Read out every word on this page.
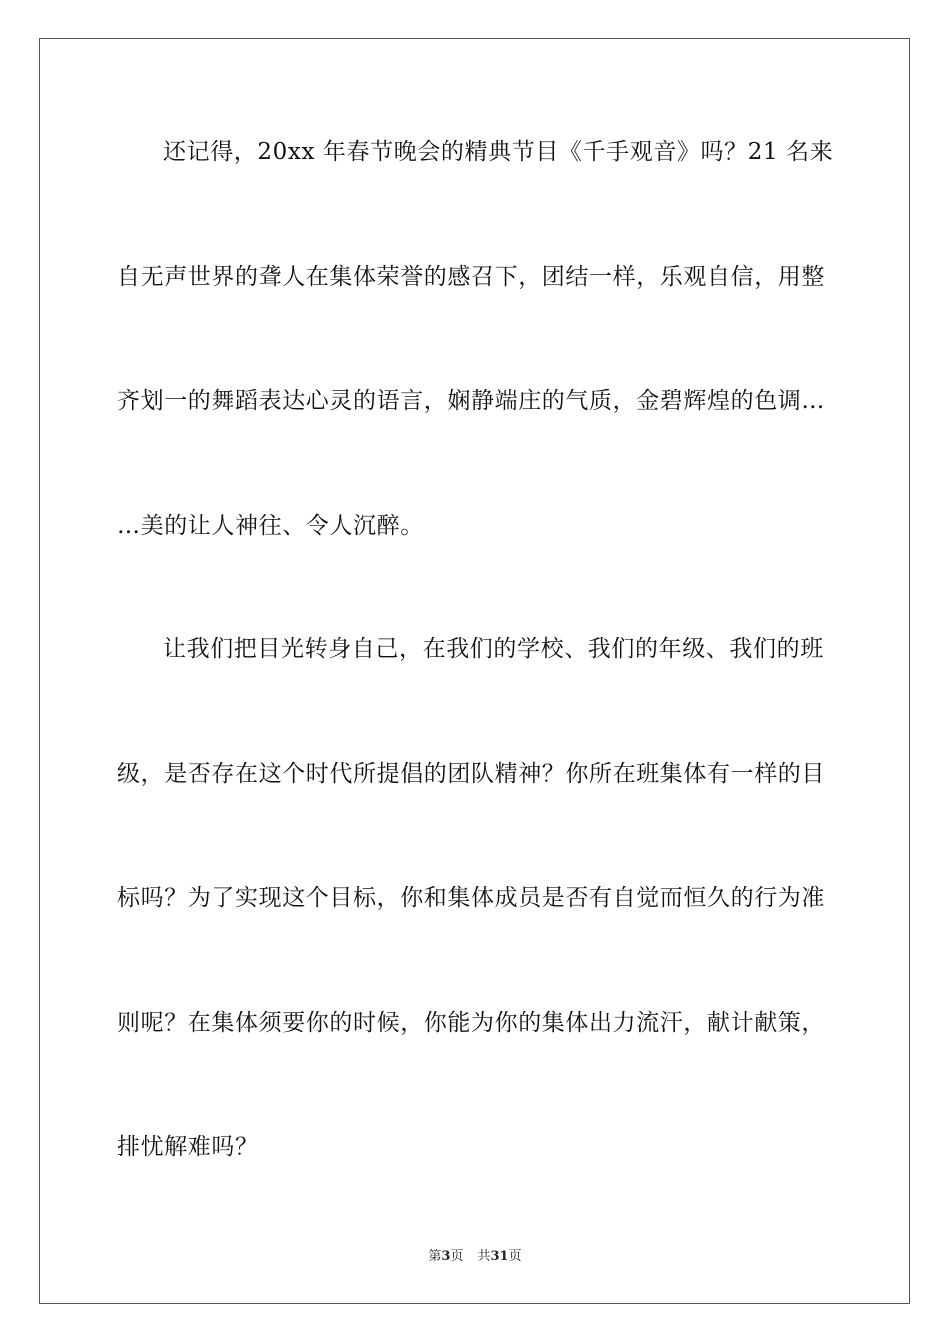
还记得，20xx 年春节晚会的精典节目《千手观音》吗？21 名来
自无声世界的聋人在集体荣誉的感召下，团结一样，乐观自信，用整
齐划一的舞蹈表达心灵的语言，娴静端庄的气质，金碧辉煌的色调…
…美的让人神往、令人沉醉。
让我们把目光转身自己，在我们的学校、我们的年级、我们的班
级，是否存在这个时代所提倡的团队精神？你所在班集体有一样的目
标吗？为了实现这个目标，你和集体成员是否有自觉而恒久的行为准
则呢？在集体须要你的时候，你能为你的集体出力流汗，献计献策，
排忧解难吗？
第3页 共31页
